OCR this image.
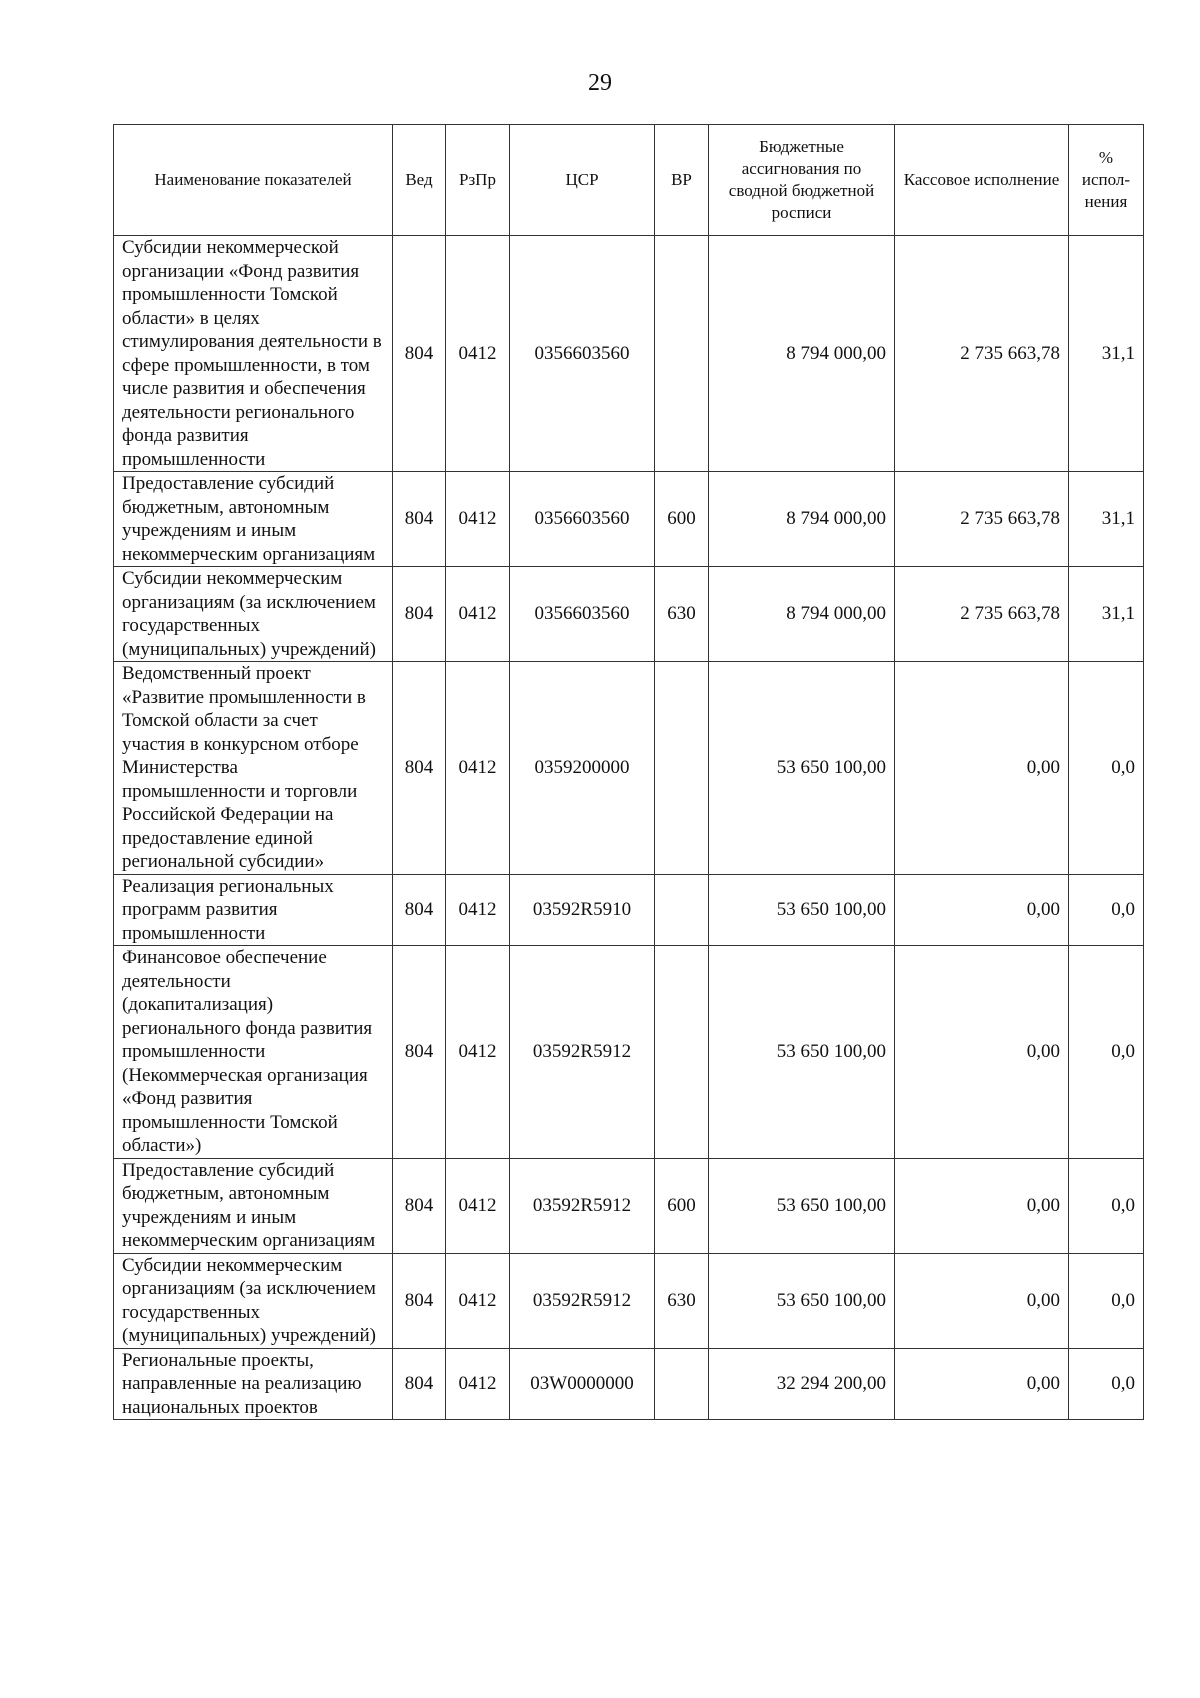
29
Наименование показателей	Вед	РзПр	ЦСР	ВР	Бюджетные ассигнования по сводной бюджетной росписи	Кассовое исполнение	% испол-нения
Субсидии некоммерческой организации «Фонд развития промышленности Томской области» в целях стимулирования деятельности в сфере промышленности, в том числе развития и обеспечения деятельности регионального фонда развития промышленности	804	0412	0356603560		8 794 000,00	2 735 663,78	31,1
Предоставление субсидий бюджетным, автономным учреждениям и иным некоммерческим организациям	804	0412	0356603560	600	8 794 000,00	2 735 663,78	31,1
Субсидии некоммерческим организациям (за исключением государственных (муниципальных) учреждений)	804	0412	0356603560	630	8 794 000,00	2 735 663,78	31,1
Ведомственный проект «Развитие промышленности в Томской области за счет участия в конкурсном отборе Министерства промышленности и торговли Российской Федерации на предоставление единой региональной субсидии»	804	0412	0359200000		53 650 100,00	0,00	0,0
Реализация региональных программ развития промышленности	804	0412	03592R5910		53 650 100,00	0,00	0,0
Финансовое обеспечение деятельности (докапитализация) регионального фонда развития промышленности (Некоммерческая организация «Фонд развития промышленности Томской области»)	804	0412	03592R5912		53 650 100,00	0,00	0,0
Предоставление субсидий бюджетным, автономным учреждениям и иным некоммерческим организациям	804	0412	03592R5912	600	53 650 100,00	0,00	0,0
Субсидии некоммерческим организациям (за исключением государственных (муниципальных) учреждений)	804	0412	03592R5912	630	53 650 100,00	0,00	0,0
Региональные проекты, направленные на реализацию национальных проектов	804	0412	03W0000000		32 294 200,00	0,00	0,0
